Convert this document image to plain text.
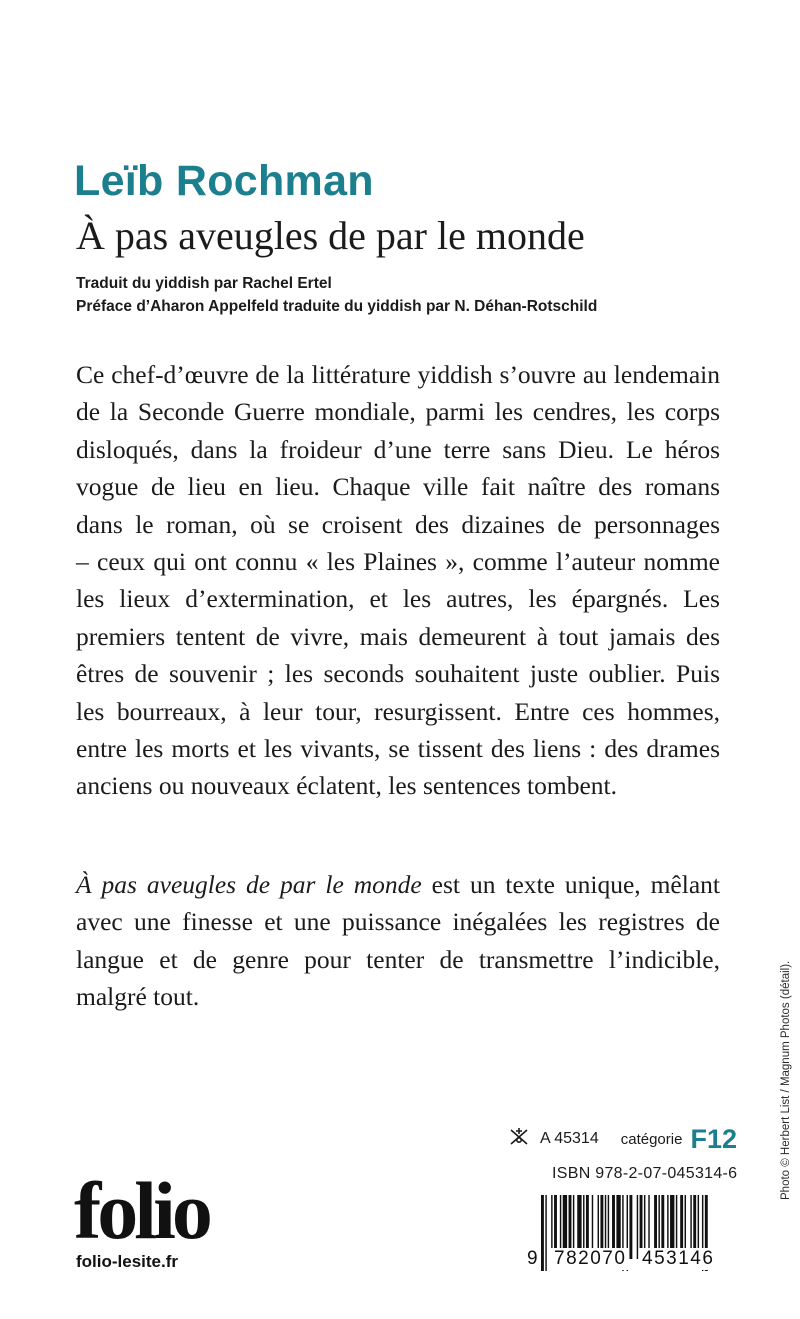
Leïb Rochman
À pas aveugles de par le monde
Traduit du yiddish par Rachel Ertel
Préface d’Aharon Appelfeld traduite du yiddish par N. Déhan-Rotschild
Ce chef-d’œuvre de la littérature yiddish s’ouvre au lendemain
de la Seconde Guerre mondiale, parmi les cendres, les corps
disloqués, dans la froideur d’une terre sans Dieu. Le héros
vogue de lieu en lieu. Chaque ville fait naître des romans
dans le roman, où se croisent des dizaines de personnages
– ceux qui ont connu « les Plaines », comme l’auteur nomme
les lieux d’extermination, et les autres, les épargnés. Les
premiers tentent de vivre, mais demeurent à tout jamais des
êtres de souvenir ; les seconds souhaitent juste oublier. Puis
les bourreaux, à leur tour, resurgissent. Entre ces hommes,
entre les morts et les vivants, se tissent des liens : des drames
anciens ou nouveaux éclatent, les sentences tombent.
À pas aveugles de par le monde est un texte unique, mêlant
avec une finesse et une puissance inégalées les registres de
langue et de genre pour tenter de transmettre l’indicible,
malgré tout.	Photo © Herbert List / Magnum Photos (détail).
A 45314 catégorie F12
ISBN 978-2-07-045314-6
folio
folio-lesite.fr	9 782070 453146
